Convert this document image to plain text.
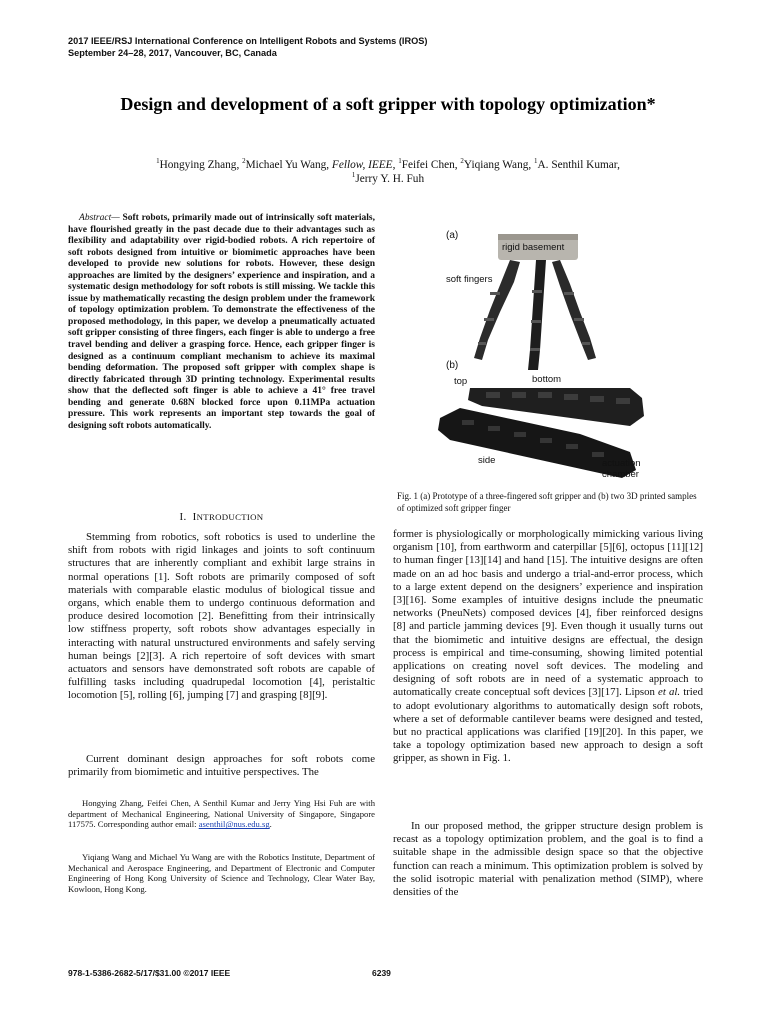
2017 IEEE/RSJ International Conference on Intelligent Robots and Systems (IROS)
September 24–28, 2017, Vancouver, BC, Canada
Design and development of a soft gripper with topology optimization*
$^1$Hongying Zhang, $^2$Michael Yu Wang, Fellow, IEEE, $^1$Feifei Chen, $^2$Yiqiang Wang, $^1$A. Senthil Kumar,
$^1$Jerry Y. H. Fuh
Abstract— Soft robots, primarily made out of intrinsically soft materials, have flourished greatly in the past decade due to their advantages such as flexibility and adaptability over rigid-bodied robots. A rich repertoire of soft robots designed from intuitive or biomimetic approaches have been developed to provide new solutions for robots. However, these design approaches are limited by the designers’ experience and inspiration, and a systematic design methodology for soft robots is still missing. We tackle this issue by mathematically recasting the design problem under the framework of topology optimization problem. To demonstrate the effectiveness of the proposed methodology, in this paper, we develop a pneumatically actuated soft gripper consisting of three fingers, each finger is able to undergo a free travel bending and deliver a grasping force. Hence, each gripper finger is designed as a continuum compliant mechanism to achieve its maximal bending deformation. The proposed soft gripper with complex shape is directly fabricated through 3D printing technology. Experimental results show that the deflected soft finger is able to achieve a 41° free travel bending and generate 0.68N blocked force upon 0.11MPa actuation pressure. This work represents an important step towards the goal of designing soft robots automatically.
(a)
rigid basement
soft fingers
(b)
top	bottom
side	actuation
chamber
Fig. 1 (a) Prototype of a three-fingered soft gripper and (b) two 3D printed samples of optimized soft gripper finger
I. INTRODUCTION
Stemming from robotics, soft robotics is used to underline the shift from robots with rigid linkages and joints to soft continuum structures that are inherently compliant and exhibit large strains in normal operations [1]. Soft robots are primarily composed of soft materials with comparable elastic modulus of biological tissue and organs, which enable them to undergo continuous deformation and produce desired locomotion [2]. Benefitting from their intrinsically low stiffness property, soft robots show advantages especially in interacting with natural unstructured environments and safely serving human beings [2][3]. A rich repertoire of soft devices with smart actuators and sensors have demonstrated soft robots are capable of fulfilling tasks including quadrupedal locomotion [4], peristaltic locomotion [5], rolling [6], jumping [7] and grasping [8][9].
Current dominant design approaches for soft robots come primarily from biomimetic and intuitive perspectives. The
Hongying Zhang, Feifei Chen, A Senthil Kumar and Jerry Ying Hsi Fuh are with department of Mechanical Engineering, National University of Singapore, Singapore 117575. Corresponding author email: asenthil@nus.edu.sg.
Yiqiang Wang and Michael Yu Wang are with the Robotics Institute, Department of Mechanical and Aerospace Engineering, and Department of Electronic and Computer Engineering of Hong Kong University of Science and Technology, Clear Water Bay, Kowloon, Hong Kong.
former is physiologically or morphologically mimicking various living organism [10], from earthworm and caterpillar [5][6], octopus [11][12] to human finger [13][14] and hand [15]. The intuitive designs are often made on an ad hoc basis and undergo a trial-and-error process, which to a large extent depend on the designers’ experience and inspiration [3][16]. Some examples of intuitive designs include the pneumatic networks (PneuNets) composed devices [4], fiber reinforced designs [8] and particle jamming devices [9]. Even though it usually turns out that the biomimetic and intuitive designs are effectual, the design process is empirical and time-consuming, showing limited potential applications on creating novel soft devices. The modeling and designing of soft robots are in need of a systematic approach to automatically create conceptual soft devices [3][17]. Lipson et al. tried to adopt evolutionary algorithms to automatically design soft robots, where a set of deformable cantilever beams were designed and tested, but no practical applications was clarified [19][20]. In this paper, we take a topology optimization based new approach to design a soft gripper, as shown in Fig. 1.
In our proposed method, the gripper structure design problem is recast as a topology optimization problem, and the goal is to find a suitable shape in the admissible design space so that the objective function can reach a minimum. This optimization problem is solved by the solid isotropic material with penalization method (SIMP), where densities of the
978-1-5386-2682-5/17/$31.00 ©2017 IEEE	6239
